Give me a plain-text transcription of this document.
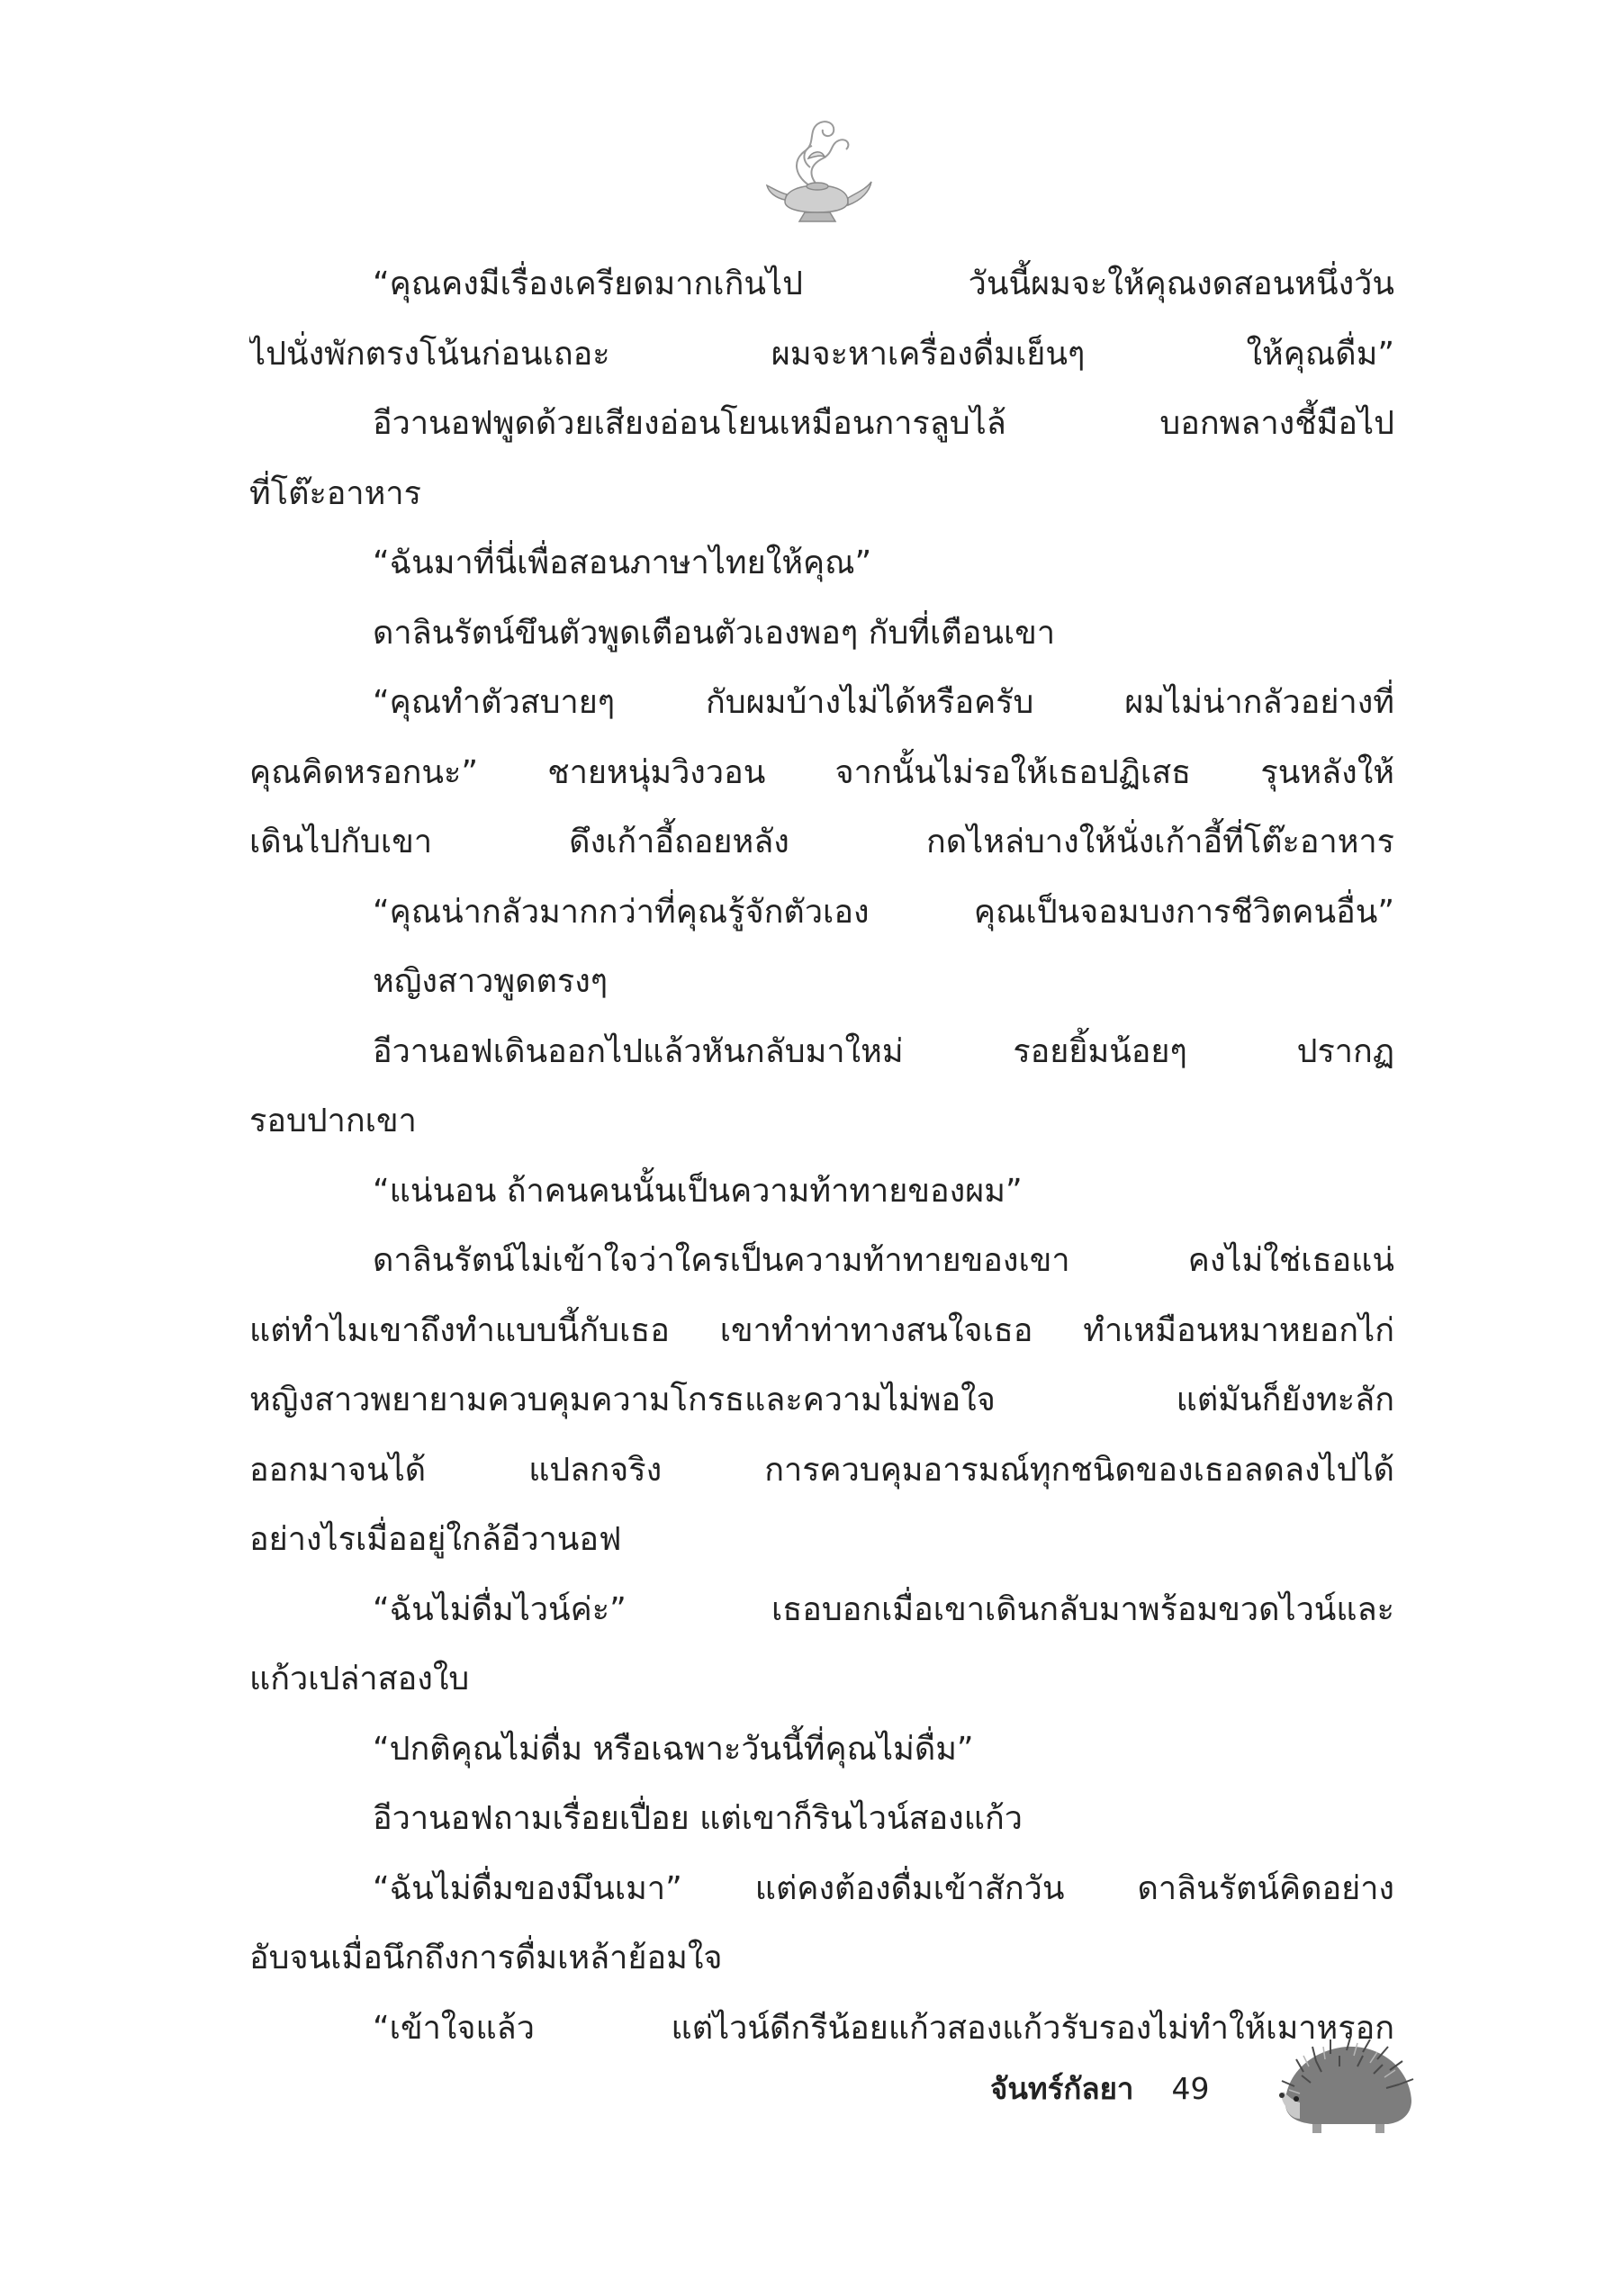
“คุณคงมีเรื่องเครียดมากเกินไป วันนี้ผมจะให้คุณงดสอนหนึ่งวัน
ไปนั่งพักตรงโน้นก่อนเถอะ ผมจะหาเครื่องดื่มเย็นๆ ให้คุณดื่ม”
อีวานอฟพูดด้วยเสียงอ่อนโยนเหมือนการลูบไล้ บอกพลางชี้มือไป
ที่โต๊ะอาหาร
“ฉันมาที่นี่เพื่อสอนภาษาไทยให้คุณ”
ดาลินรัตน์ขึนตัวพูดเตือนตัวเองพอๆ กับที่เตือนเขา
“คุณทำตัวสบายๆ กับผมบ้างไม่ได้หรือครับ ผมไม่น่ากลัวอย่างที่
คุณคิดหรอกนะ” ชายหนุ่มวิงวอน จากนั้นไม่รอให้เธอปฏิเสธ รุนหลังให้
เดินไปกับเขา ดึงเก้าอี้ถอยหลัง กดไหล่บางให้นั่งเก้าอี้ที่โต๊ะอาหาร
“คุณน่ากลัวมากกว่าที่คุณรู้จักตัวเอง คุณเป็นจอมบงการชีวิตคนอื่น”
หญิงสาวพูดตรงๆ
อีวานอฟเดินออกไปแล้วหันกลับมาใหม่ รอยยิ้มน้อยๆ ปรากฏ
รอบปากเขา
“แน่นอน ถ้าคนคนนั้นเป็นความท้าทายของผม”
ดาลินรัตน์ไม่เข้าใจว่าใครเป็นความท้าทายของเขา คงไม่ใช่เธอแน่
แต่ทำไมเขาถึงทำแบบนี้กับเธอ เขาทำท่าทางสนใจเธอ ทำเหมือนหมาหยอกไก่
หญิงสาวพยายามควบคุมความโกรธและความไม่พอใจ แต่มันก็ยังทะลัก
ออกมาจนได้ แปลกจริง การควบคุมอารมณ์ทุกชนิดของเธอลดลงไปได้
อย่างไรเมื่ออยู่ใกล้อีวานอฟ
“ฉันไม่ดื่มไวน์ค่ะ” เธอบอกเมื่อเขาเดินกลับมาพร้อมขวดไวน์และ
แก้วเปล่าสองใบ
“ปกติคุณไม่ดื่ม หรือเฉพาะวันนี้ที่คุณไม่ดื่ม”
อีวานอฟถามเรื่อยเปื่อย แต่เขาก็รินไวน์สองแก้ว
“ฉันไม่ดื่มของมึนเมา” แต่คงต้องดื่มเข้าสักวัน ดาลินรัตน์คิดอย่าง
อับจนเมื่อนึกถึงการดื่มเหล้าย้อมใจ
“เข้าใจแล้ว แต่ไวน์ดีกรีน้อยแก้วสองแก้วรับรองไม่ทำให้เมาหรอก
จันทร์กัลยา 49
